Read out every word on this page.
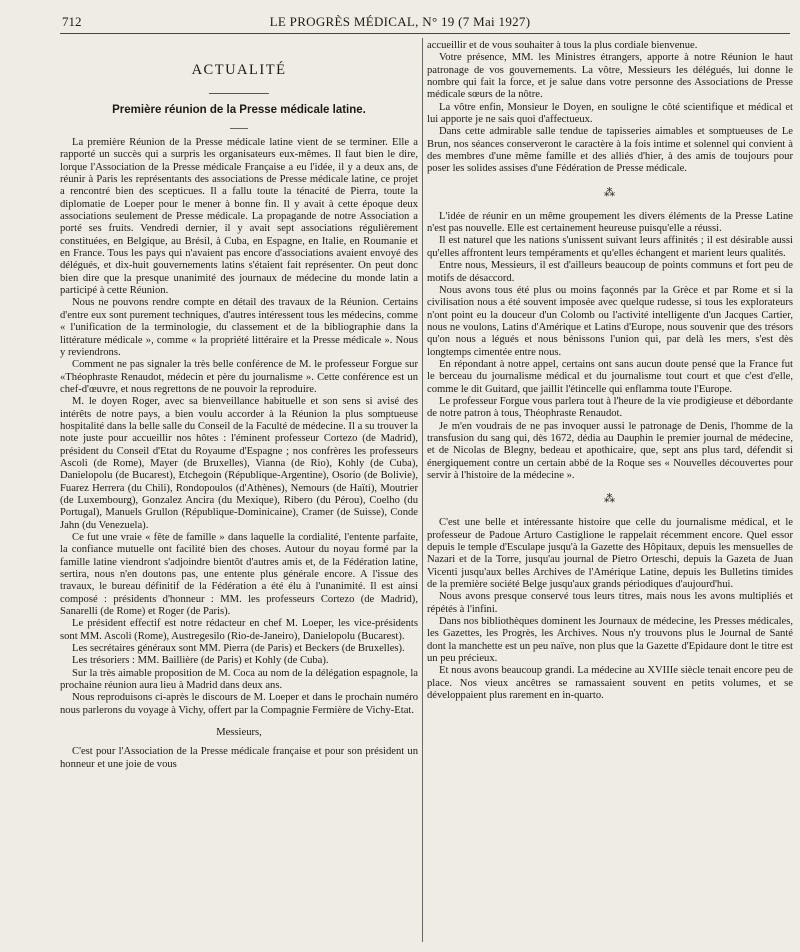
712	LE PROGRÈS MÉDICAL, N° 19 (7 Mai 1927)
ACTUALITÉ
Première réunion de la Presse médicale latine.

La première Réunion de la Presse médicale latine vient de se terminer. Elle a rapporté un succès qui a surpris les organisateurs eux-mêmes. Il faut bien le dire, lorque l'Association de la Presse médicale Française a eu l'idée, il y a deux ans, de réunir à Paris les représentants des associations de Presse médicale latine, ce projet a rencontré bien des scepticues. Il a fallu toute la ténacité de Pierra, toute la diplomatie de Loeper pour le mener à bonne fin. Il y avait à cette époque deux associations seulement de Presse médicale. La propagande de notre Association a porté ses fruits. Vendredi dernier, il y avait sept associations régulièrement constituées, en Belgique, au Brésil, à Cuba, en Espagne, en Italie, en Roumanie et en France. Tous les pays qui n'avaient pas encore d'associations avaient envoyé des délégués, et dix-huit gouvernements latins s'étaient fait représenter. On peut donc bien dire que la presque unanimité des journaux de médecine du monde latin a participé à cette Réunion.

Nous ne pouvons rendre compte en détail des travaux de la Réunion. Certains d'entre eux sont purement techniques, d'autres intéressent tous les médecins, comme « l'unification de la terminologie, du classement et de la bibliographie dans la littérature médicale », comme « la propriété littéraire et la Presse médicale ». Nous y reviendrons.

Comment ne pas signaler la très belle conférence de M. le professeur Forgue sur «Théophraste Renaudot, médecin et père du journalisme ». Cette conférence est un chef-d'œuvre, et nous regrettons de ne pouvoir la reproduire.

M. le doyen Roger, avec sa bienveillance habituelle et son sens si avisé des intérêts de notre pays, a bien voulu accorder à la Réunion la plus somptueuse hospitalité dans la belle salle du Conseil de la Faculté de médecine. Il a su trouver la note juste pour accueillir nos hôtes : l'éminent professeur Cortezo (de Madrid), président du Conseil d'Etat du Royaume d'Espagne ; nos confrères les professeurs Ascoli (de Rome), Mayer (de Bruxelles), Vianna (de Rio), Kohly (de Cuba), Danielopolu (de Bucarest), Etchegoin (République-Argentine), Osorio (de Bolivie), Fuarez Herrera (du Chili), Rondopoulos (d'Athènes), Nemours (de Haïti), Moutrier (de Luxembourg), Gonzalez Ancira (du Mexique), Ribero (du Pérou), Coelho (du Portugal), Manuels Grullon (République-Dominicaine), Cramer (de Suisse), Conde Jahn (du Venezuela).

Ce fut une vraie « fête de famille » dans laquelle la cordialité, l'entente parfaite, la confiance mutuelle ont facilité bien des choses. Autour du noyau formé par la famille latine viendront s'adjoindre bientôt d'autres amis et, de la Fédération latine, sertira, nous n'en doutons pas, une entente plus générale encore. A l'issue des travaux, le bureau définitif de la Fédération a été élu à l'unanimité. Il est ainsi composé : présidents d'honneur : MM. les professeurs Cortezo (de Madrid), Sanarelli (de Rome) et Roger (de Paris).

Le président effectif est notre rédacteur en chef M. Loeper, les vice-présidents sont MM. Ascoli (Rome), Austregesilo (Rio-de-Janeiro), Danielopolu (Bucarest).

Les secrétaires généraux sont MM. Pierra (de Paris) et Beckers (de Bruxelles).

Les trésoriers : MM. Baillière (de Paris) et Kohly (de Cuba).

Sur la très aimable proposition de M. Coca au nom de la délégation espagnole, la prochaine réunion aura lieu à Madrid dans deux ans.

Nous reproduisons ci-après le discours de M. Loeper et dans le prochain numéro nous parlerons du voyage à Vichy, offert par la Compagnie Fermière de Vichy-Etat.

Messieurs,

C'est pour l'Association de la Presse médicale française et pour son président un honneur et une joie de vous

accueillir et de vous souhaiter à tous la plus cordiale bienvenue.

Votre présence, MM. les Ministres étrangers, apporte à notre Réunion le haut patronage de vos gouvernements. La vôtre, Messieurs les délégués, lui donne le nombre qui fait la force, et je salue dans votre personne des Associations de Presse médicale sœurs de la nôtre.

La vôtre enfin, Monsieur le Doyen, en souligne le côté scientifique et médical et lui apporte je ne sais quoi d'affectueux.

Dans cette admirable salle tendue de tapisseries aimables et somptueuses de Le Brun, nos séances conserveront le caractère à la fois intime et solennel qui convient à des membres d'une même famille et des alliés d'hier, à des amis de toujours pour poser les solides assises d'une Fédération de Presse médicale.

⁂

L'idée de réunir en un même groupement les divers éléments de la Presse Latine n'est pas nouvelle. Elle est certainement heureuse puisqu'elle a réussi.

Il est naturel que les nations s'unissent suivant leurs affinités ; il est désirable aussi qu'elles affrontent leurs tempéraments et qu'elles échangent et marient leurs qualités.

Entre nous, Messieurs, il est d'ailleurs beaucoup de points communs et fort peu de motifs de désaccord.

Nous avons tous été plus ou moins façonnés par la Grèce et par Rome et si la civilisation nous a été souvent imposée avec quelque rudesse, si tous les explorateurs n'ont point eu la douceur d'un Colomb ou l'activité intelligente d'un Jacques Cartier, nous ne voulons, Latins d'Amérique et Latins d'Europe, nous souvenir que des trésors qu'on nous a légués et nous bénissons l'union qui, par delà les mers, s'est dès longtemps cimentée entre nous.

En répondant à notre appel, certains ont sans aucun doute pensé que la France fut le berceau du journalisme médical et du journalisme tout court et que c'est d'elle, comme le dit Guitard, que jaillit l'étincelle qui enflamma toute l'Europe.

Le professeur Forgue vous parlera tout à l'heure de la vie prodigieuse et débordante de notre patron à tous, Théophraste Renaudot.

Je m'en voudrais de ne pas invoquer aussi le patronage de Denis, l'homme de la transfusion du sang qui, dès 1672, dédia au Dauphin le premier journal de médecine, et de Nicolas de Blegny, bedeau et apothicaire, que, sept ans plus tard, défendit si énergiquement contre un certain abbé de la Roque ses « Nouvelles découvertes pour servir à l'histoire de la médecine ».

⁂

C'est une belle et intéressante histoire que celle du journalisme médical, et le professeur de Padoue Arturo Castiglione le rappelait récemment encore. Quel essor depuis le temple d'Esculape jusqu'à la Gazette des Hôpitaux, depuis les mensuelles de Nazari et de la Torre, jusqu'au journal de Pietro Orteschi, depuis la Gazeta de Juan Vicenti jusqu'aux belles Archives de l'Amérique Latine, depuis les Bulletins timides de la première société Belge jusqu'aux grands périodiques d'aujourd'hui.

Nous avons presque conservé tous leurs titres, mais nous les avons multipliés et répétés à l'infini.

Dans nos bibliothèques dominent les Journaux de médecine, les Presses médicales, les Gazettes, les Progrès, les Archives. Nous n'y trouvons plus le Journal de Santé dont la manchette est un peu naïve, non plus que la Gazette d'Epidaure dont le titre est un peu précieux.

Et nous avons beaucoup grandi. La médecine au XVIIIe siècle tenait encore peu de place. Nos vieux ancêtres se ramassaient souvent en petits volumes, et se développaient plus rarement en in-quarto.
